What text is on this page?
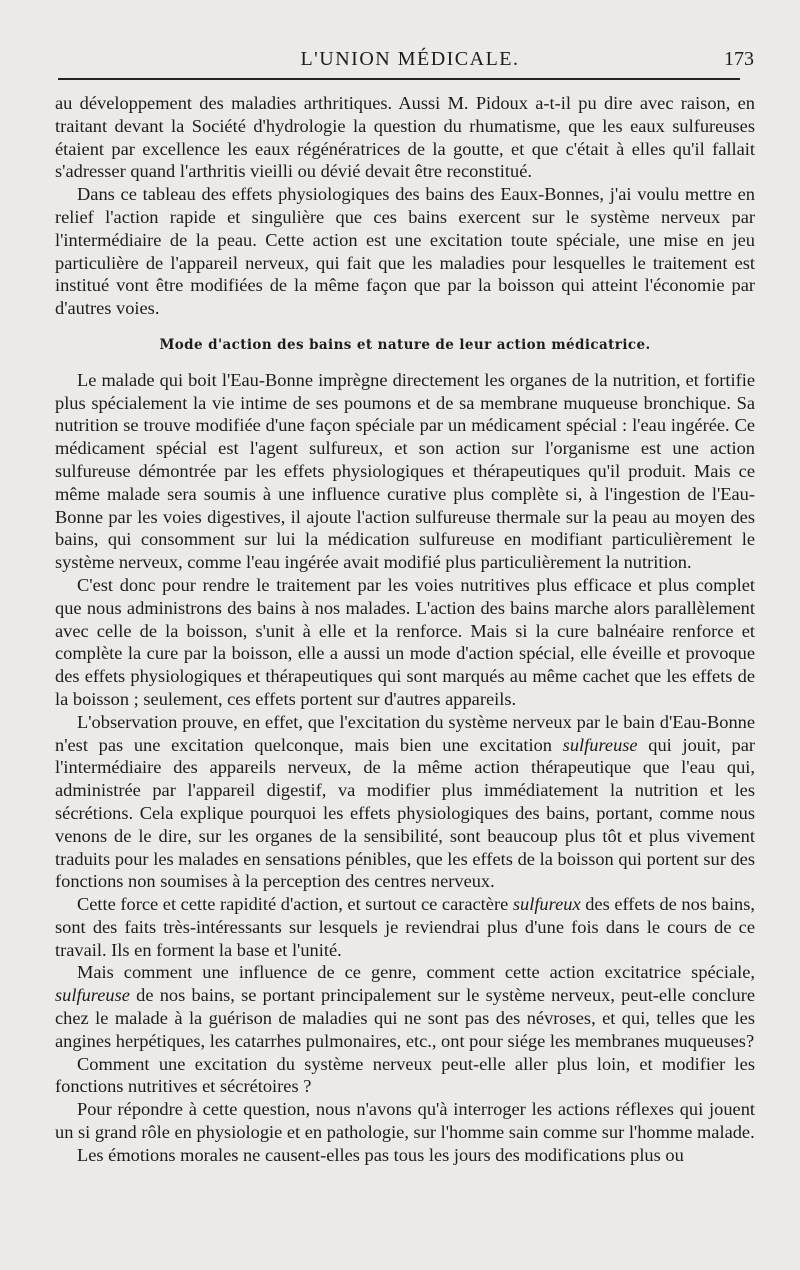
L'UNION MÉDICALE.	173

au développement des maladies arthritiques. Aussi M. Pidoux a-t-il pu dire avec raison, en traitant devant la Société d'hydrologie la question du rhumatisme, que les eaux sulfureuses étaient par excellence les eaux régénératrices de la goutte, et que c'était à elles qu'il fallait s'adresser quand l'arthritis vieilli ou dévié devait être reconstitué.

Dans ce tableau des effets physiologiques des bains des Eaux-Bonnes, j'ai voulu mettre en relief l'action rapide et singulière que ces bains exercent sur le système nerveux par l'intermédiaire de la peau. Cette action est une excitation toute spéciale, une mise en jeu particulière de l'appareil nerveux, qui fait que les maladies pour lesquelles le traitement est institué vont être modifiées de la même façon que par la boisson qui atteint l'économie par d'autres voies.

Mode d'action des bains et nature de leur action médicatrice.

Le malade qui boit l'Eau-Bonne imprègne directement les organes de la nutrition, et fortifie plus spécialement la vie intime de ses poumons et de sa membrane muqueuse bronchique. Sa nutrition se trouve modifiée d'une façon spéciale par un médicament spécial : l'eau ingérée. Ce médicament spécial est l'agent sulfureux, et son action sur l'organisme est une action sulfureuse démontrée par les effets physiologiques et thérapeutiques qu'il produit. Mais ce même malade sera soumis à une influence curative plus complète si, à l'ingestion de l'Eau-Bonne par les voies digestives, il ajoute l'action sulfureuse thermale sur la peau au moyen des bains, qui consomment sur lui la médication sulfureuse en modifiant particulièrement le système nerveux, comme l'eau ingérée avait modifié plus particulièrement la nutrition.

C'est donc pour rendre le traitement par les voies nutritives plus efficace et plus complet que nous administrons des bains à nos malades. L'action des bains marche alors parallèlement avec celle de la boisson, s'unit à elle et la renforce. Mais si la cure balnéaire renforce et complète la cure par la boisson, elle a aussi un mode d'action spécial, elle éveille et provoque des effets physiologiques et thérapeutiques qui sont marqués au même cachet que les effets de la boisson ; seulement, ces effets portent sur d'autres appareils.

L'observation prouve, en effet, que l'excitation du système nerveux par le bain d'Eau-Bonne n'est pas une excitation quelconque, mais bien une excitation sulfureuse qui jouit, par l'intermédiaire des appareils nerveux, de la même action thérapeutique que l'eau qui, administrée par l'appareil digestif, va modifier plus immédiatement la nutrition et les sécrétions. Cela explique pourquoi les effets physiologiques des bains, portant, comme nous venons de le dire, sur les organes de la sensibilité, sont beaucoup plus tôt et plus vivement traduits pour les malades en sensations pénibles, que les effets de la boisson qui portent sur des fonctions non soumises à la perception des centres nerveux.

Cette force et cette rapidité d'action, et surtout ce caractère sulfureux des effets de nos bains, sont des faits très-intéressants sur lesquels je reviendrai plus d'une fois dans le cours de ce travail. Ils en forment la base et l'unité.

Mais comment une influence de ce genre, comment cette action excitatrice spéciale, sulfureuse de nos bains, se portant principalement sur le système nerveux, peut-elle conclure chez le malade à la guérison de maladies qui ne sont pas des névroses, et qui, telles que les angines herpétiques, les catarrhes pulmonaires, etc., ont pour siége les membranes muqueuses?

Comment une excitation du système nerveux peut-elle aller plus loin, et modifier les fonctions nutritives et sécrétoires ?

Pour répondre à cette question, nous n'avons qu'à interroger les actions réflexes qui jouent un si grand rôle en physiologie et en pathologie, sur l'homme sain comme sur l'homme malade.

Les émotions morales ne causent-elles pas tous les jours des modifications plus ou
